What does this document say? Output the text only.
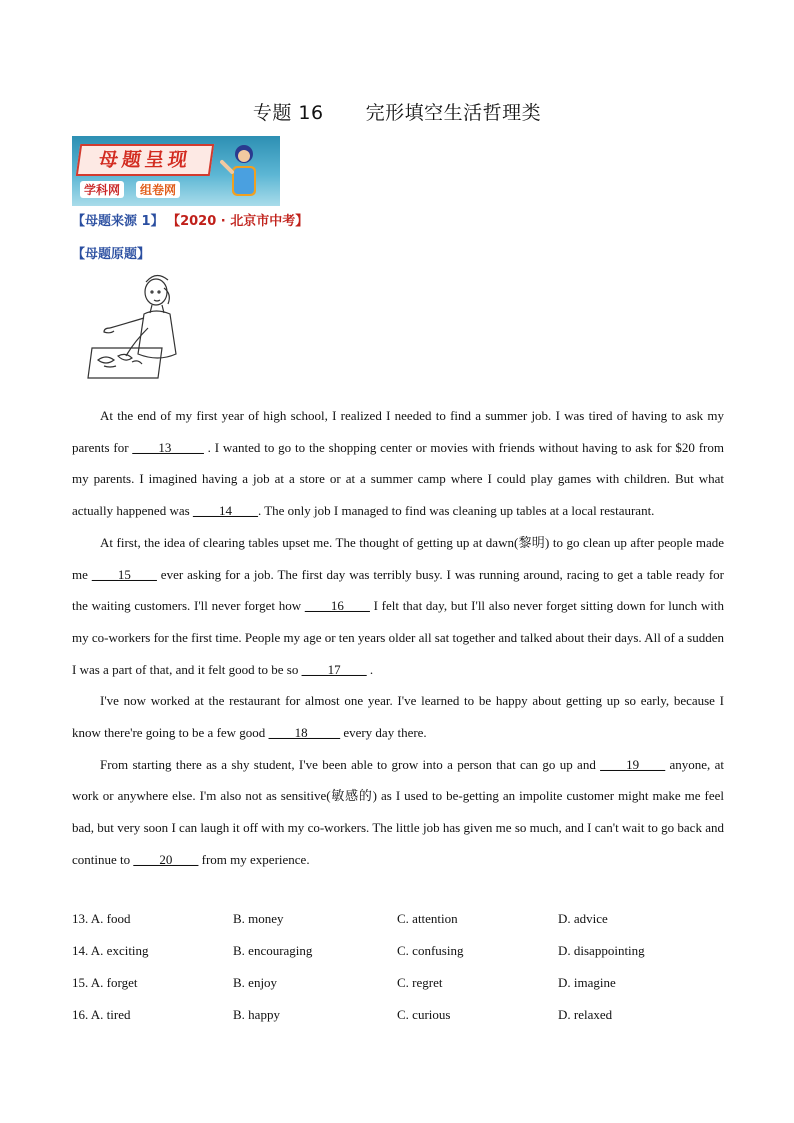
专题 16 完形填空生活哲理类
母题呈现
学科网	组卷网
【母题来源 1】 【2020 · 北京市中考】
【母题原题】

At the end of my first year of high school, I realized I needed to find a summer job. I was tired of having to ask my parents for ____13_____ . I wanted to go to the shopping center or movies with friends without having to ask for $20 from my parents. I imagined having a job at a store or at a summer camp where I could play games with children. But what actually happened was ____14____. The only job I managed to find was cleaning up tables at a local restaurant.

At first, the idea of clearing tables upset me. The thought of getting up at dawn(黎明) to go clean up after people made me ____15____ ever asking for a job. The first day was terribly busy. I was running around, racing to get a table ready for the waiting customers. I'll never forget how ____16____ I felt that day, but I'll also never forget sitting down for lunch with my co-workers for the first time. People my age or ten years older all sat together and talked about their days. All of a sudden I was a part of that, and it felt good to be so ____17____ .

I've now worked at the restaurant for almost one year. I've learned to be happy about getting up so early, because I know there're going to be a few good ____18_____ every day there.

From starting there as a shy student, I've been able to grow into a person that can go up and ____19____ anyone, at work or anywhere else. I'm also not as sensitive(敏感的) as I used to be-getting an impolite customer might make me feel bad, but very soon I can laugh it off with my co-workers. The little job has given me so much, and I can't wait to go back and continue to ____20____ from my experience.

13. A. food	B. money	C. attention	D. advice
14. A. exciting	B. encouraging	C. confusing	D. disappointing
15. A. forget	B. enjoy	C. regret	D. imagine
16. A. tired	B. happy	C. curious	D. relaxed
